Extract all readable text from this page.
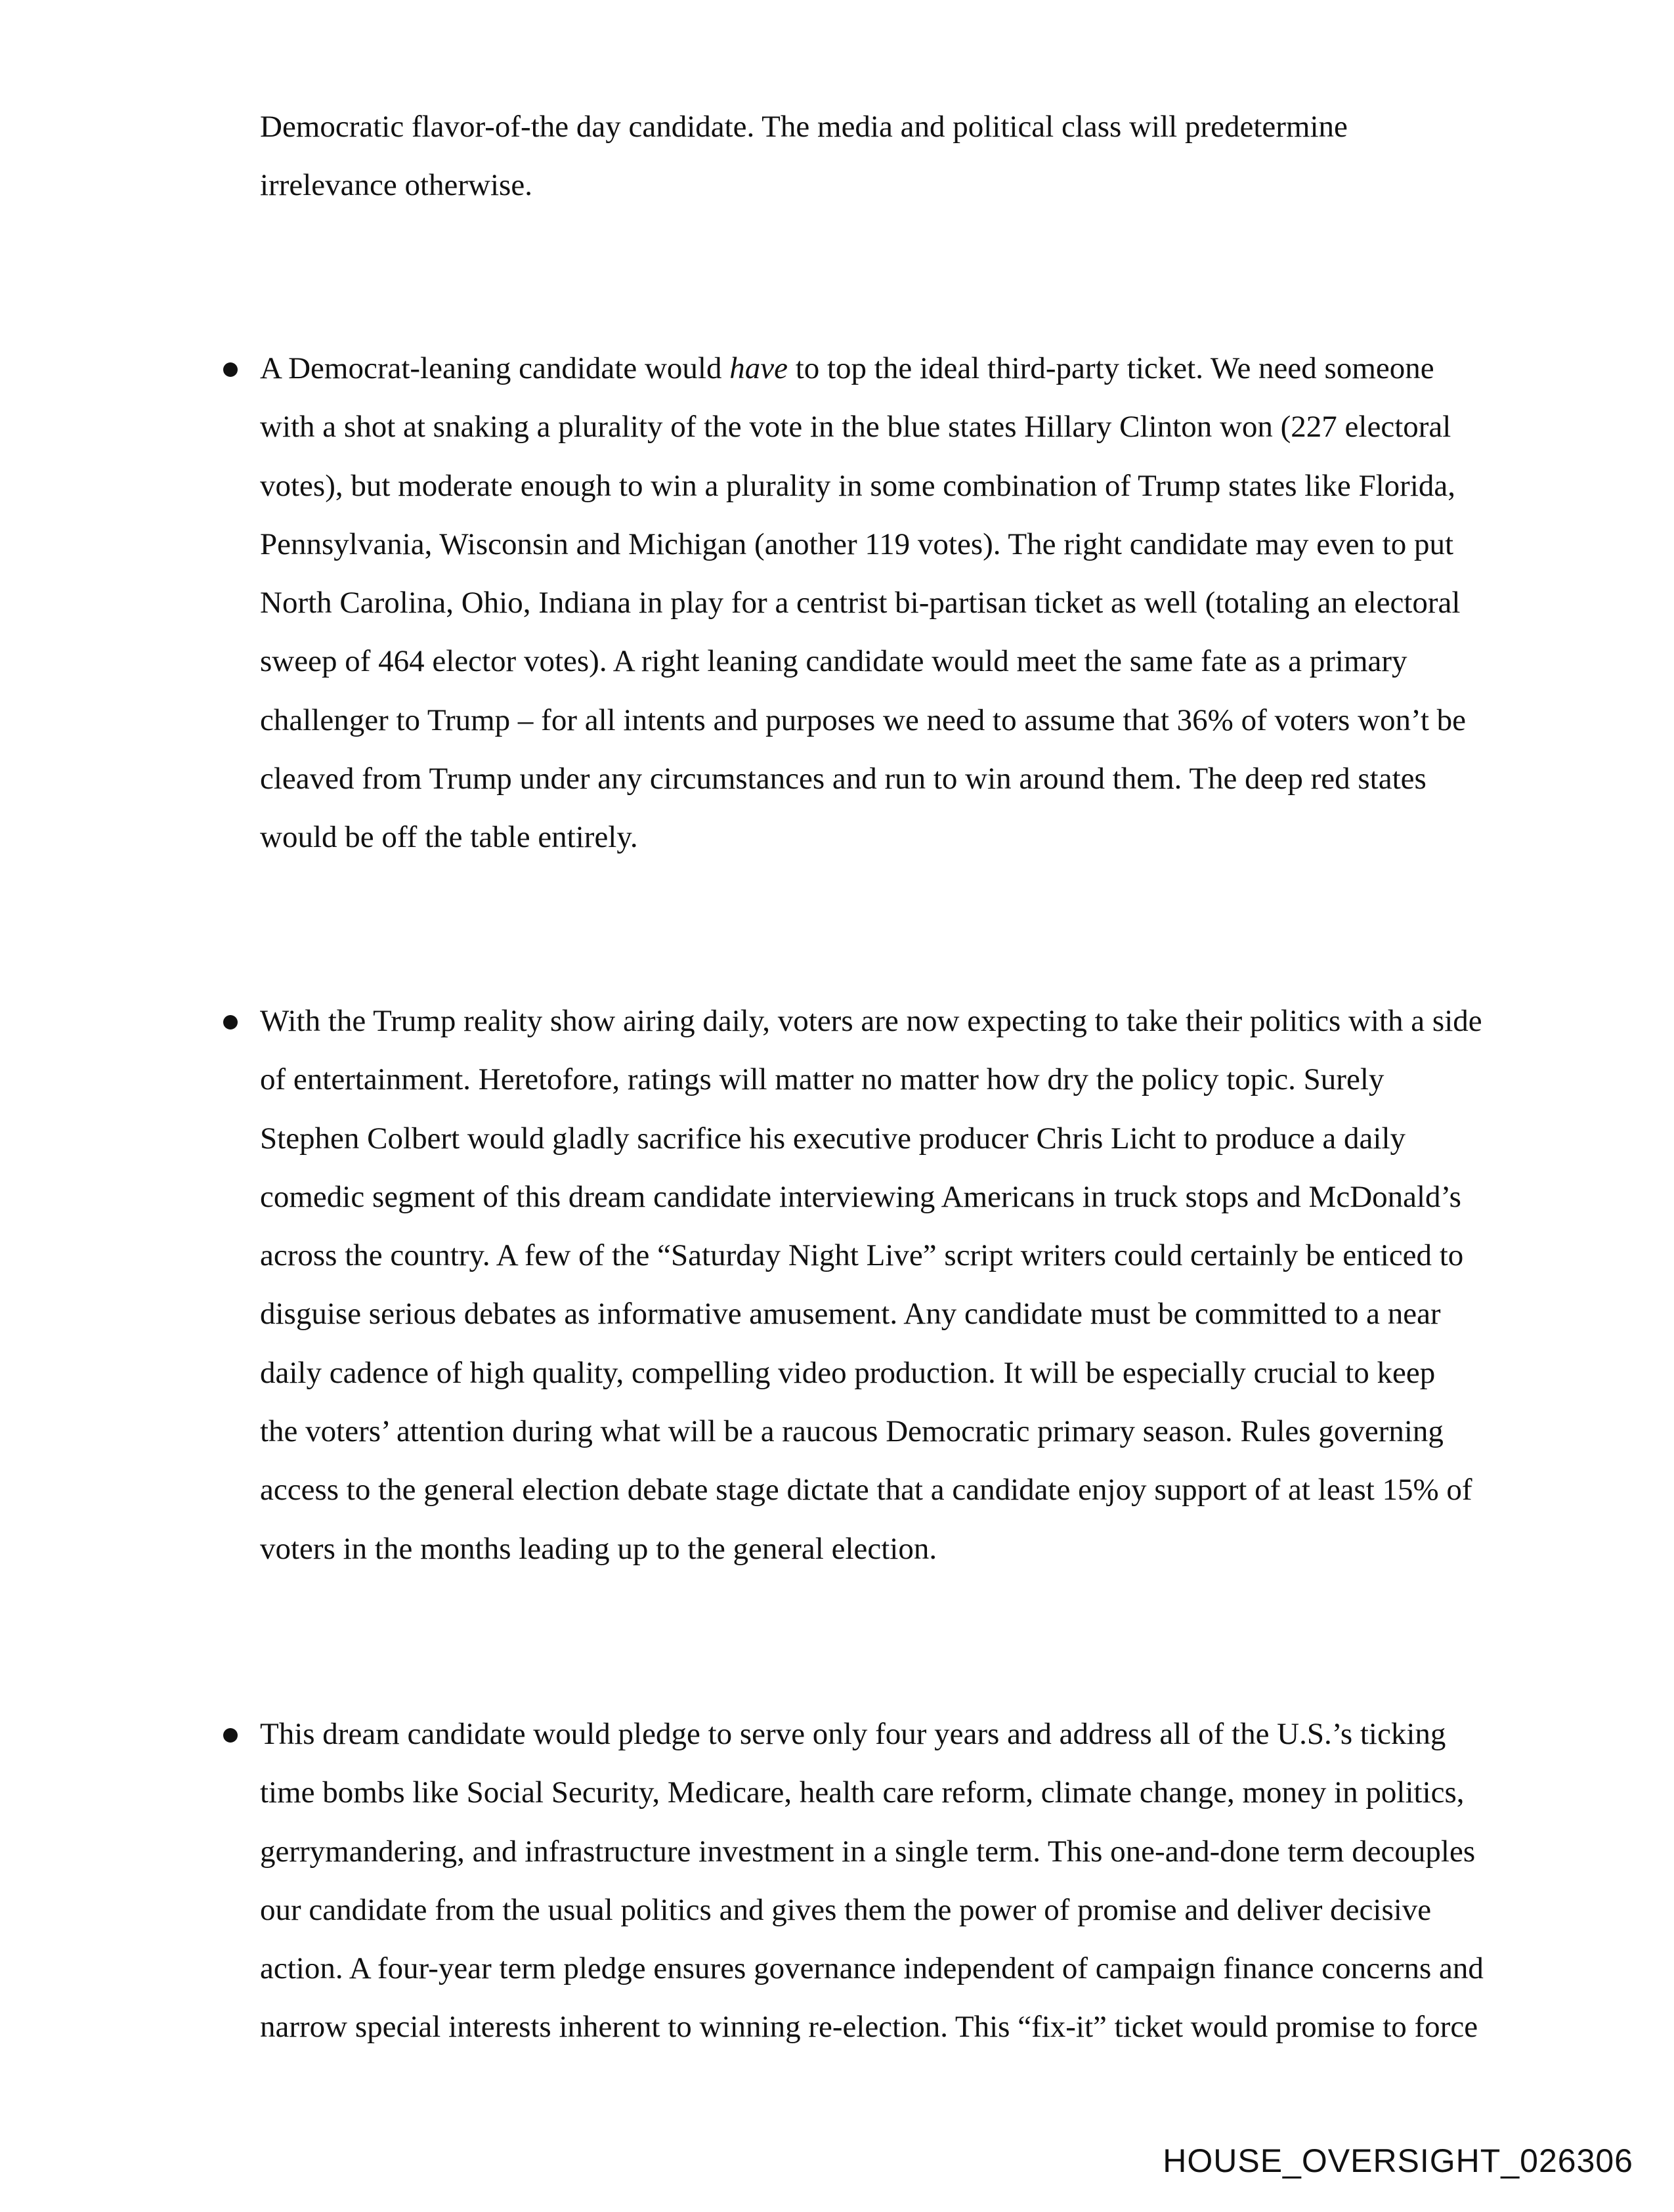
Democratic flavor-of-the day candidate. The media and political class will predetermine
irrelevance otherwise.
A Democrat-leaning candidate would have to top the ideal third-party ticket. We need someone
with a shot at snaking a plurality of the vote in the blue states Hillary Clinton won (227 electoral
votes), but moderate enough to win a plurality in some combination of Trump states like Florida,
Pennsylvania, Wisconsin and Michigan (another 119 votes). The right candidate may even to put
North Carolina, Ohio, Indiana in play for a centrist bi-partisan ticket as well (totaling an electoral
sweep of 464 elector votes). A right leaning candidate would meet the same fate as a primary
challenger to Trump – for all intents and purposes we need to assume that 36% of voters won’t be
cleaved from Trump under any circumstances and run to win around them. The deep red states
would be off the table entirely.
With the Trump reality show airing daily, voters are now expecting to take their politics with a side
of entertainment. Heretofore, ratings will matter no matter how dry the policy topic. Surely
Stephen Colbert would gladly sacrifice his executive producer Chris Licht to produce a daily
comedic segment of this dream candidate interviewing Americans in truck stops and McDonald’s
across the country. A few of the “Saturday Night Live” script writers could certainly be enticed to
disguise serious debates as informative amusement. Any candidate must be committed to a near
daily cadence of high quality, compelling video production. It will be especially crucial to keep
the voters’ attention during what will be a raucous Democratic primary season. Rules governing
access to the general election debate stage dictate that a candidate enjoy support of at least 15% of
voters in the months leading up to the general election.
This dream candidate would pledge to serve only four years and address all of the U.S.’s ticking
time bombs like Social Security, Medicare, health care reform, climate change, money in politics,
gerrymandering, and infrastructure investment in a single term. This one-and-done term decouples
our candidate from the usual politics and gives them the power of promise and deliver decisive
action. A four-year term pledge ensures governance independent of campaign finance concerns and
narrow special interests inherent to winning re-election. This “fix-it” ticket would promise to force
HOUSE_OVERSIGHT_026306
